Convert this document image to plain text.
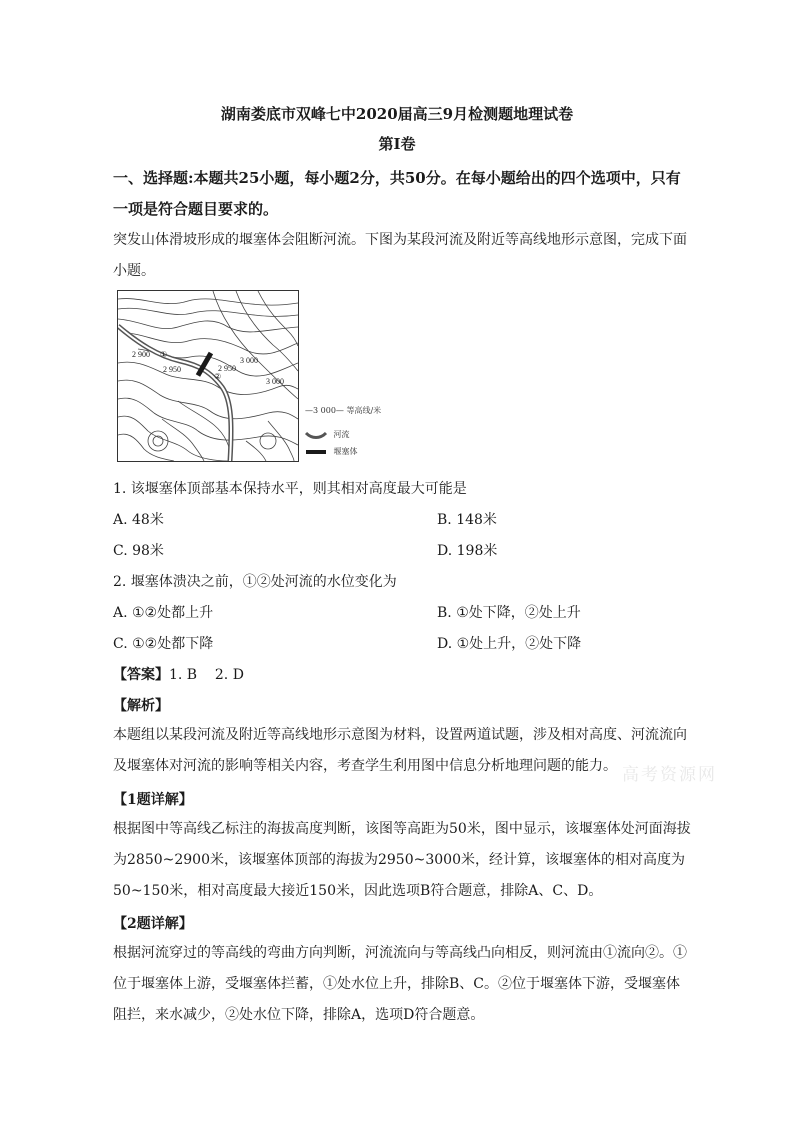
湖南娄底市双峰七中2020届高三9月检测题地理试卷
第Ⅰ卷
一、选择题:本题共25小题，每小题2分，共50分。在每小题给出的四个选项中，只有一项是符合题目要求的。
突发山体滑坡形成的堰塞体会阻断河流。下图为某段河流及附近等高线地形示意图，完成下面小题。
2 900 ①
2 950
②
2 950
3 000
3 000
—3 000— 等高线/米
河流
堰塞体
1. 该堰塞体顶部基本保持水平，则其相对高度最大可能是
A. 48米	B. 148米
C. 98米	D. 198米
2. 堰塞体溃决之前，①②处河流的水位变化为
A. ①②处都上升	B. ①处下降，②处上升
C. ①②处都下降	D. ①处上升，②处下降
【答案】1. B    2. D
【解析】
本题组以某段河流及附近等高线地形示意图为材料，设置两道试题，涉及相对高度、河流流向及堰塞体对河流的影响等相关内容，考查学生利用图中信息分析地理问题的能力。
【1题详解】
根据图中等高线乙标注的海拔高度判断，该图等高距为50米，图中显示，该堰塞体处河面海拔为2850~2900米，该堰塞体顶部的海拔为2950~3000米，经计算，该堰塞体的相对高度为50~150米，相对高度最大接近150米，因此选项B符合题意，排除A、C、D。
【2题详解】
根据河流穿过的等高线的弯曲方向判断，河流流向与等高线凸向相反，则河流由①流向②。①位于堰塞体上游，受堰塞体拦蓄，①处水位上升，排除B、C。②位于堰塞体下游，受堰塞体阻拦，来水减少，②处水位下降，排除A，选项D符合题意。
高考资源网
